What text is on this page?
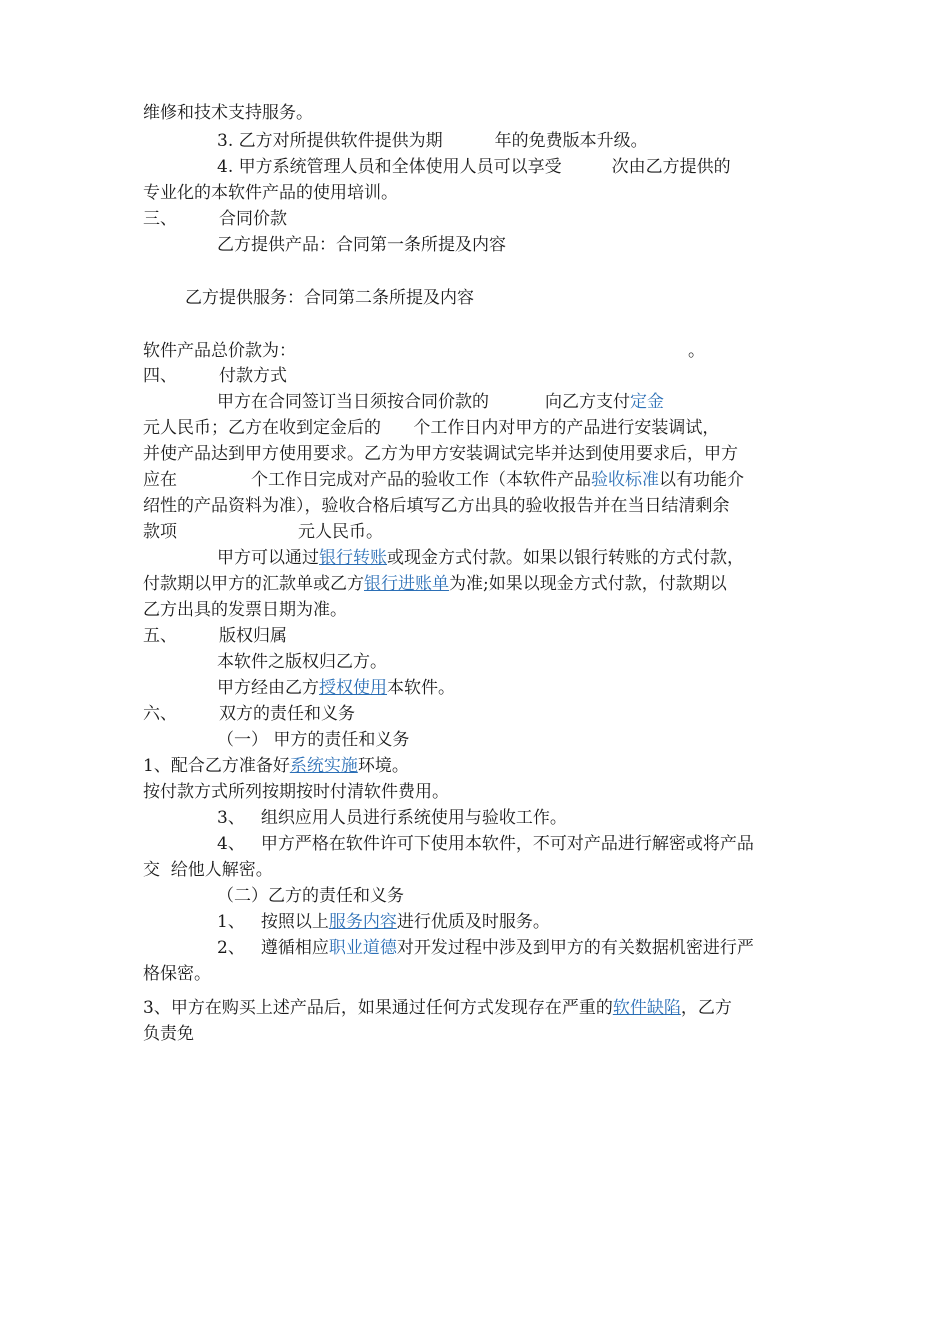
维修和技术支持服务。
3. 乙方对所提供软件提供为期	年的免费版本升级。
4. 甲方系统管理人员和全体使用人员可以享受	次由乙方提供的
专业化的本软件产品的使用培训。
三、 合同价款
乙方提供产品：合同第一条所提及内容
乙方提供服务：合同第二条所提及内容
软件产品总价款为：	。
四、 付款方式
甲方在合同签订当日须按合同价款的	向乙方支付定金
元人民币；乙方在收到定金后的      个工作日内对甲方的产品进行安装调试，
并使产品达到甲方使用要求。乙方为甲方安装调试完毕并达到使用要求后，甲方
应在	个工作日完成对产品的验收工作（本软件产品验收标准以有功能介
绍性的产品资料为准），验收合格后填写乙方出具的验收报告并在当日结清剩余
款项	元人民币。
甲方可以通过银行转账或现金方式付款。如果以银行转账的方式付款，
付款期以甲方的汇款单或乙方银行进账单为准;如果以现金方式付款，付款期以
乙方出具的发票日期为准。
五、 版权归属
本软件之版权归乙方。
甲方经由乙方授权使用本软件。
六、 双方的责任和义务
（一） 甲方的责任和义务
1、配合乙方准备好系统实施环境。
按付款方式所列按期按时付清软件费用。
3、 组织应用人员进行系统使用与验收工作。
4、 甲方严格在软件许可下使用本软件，不可对产品进行解密或将产品
交  给他人解密。
（二）乙方的责任和义务
1、 按照以上服务内容进行优质及时服务。
2、 遵循相应职业道德对开发过程中涉及到甲方的有关数据机密进行严
格保密。
3、甲方在购买上述产品后，如果通过任何方式发现存在严重的软件缺陷，乙方
负责免
